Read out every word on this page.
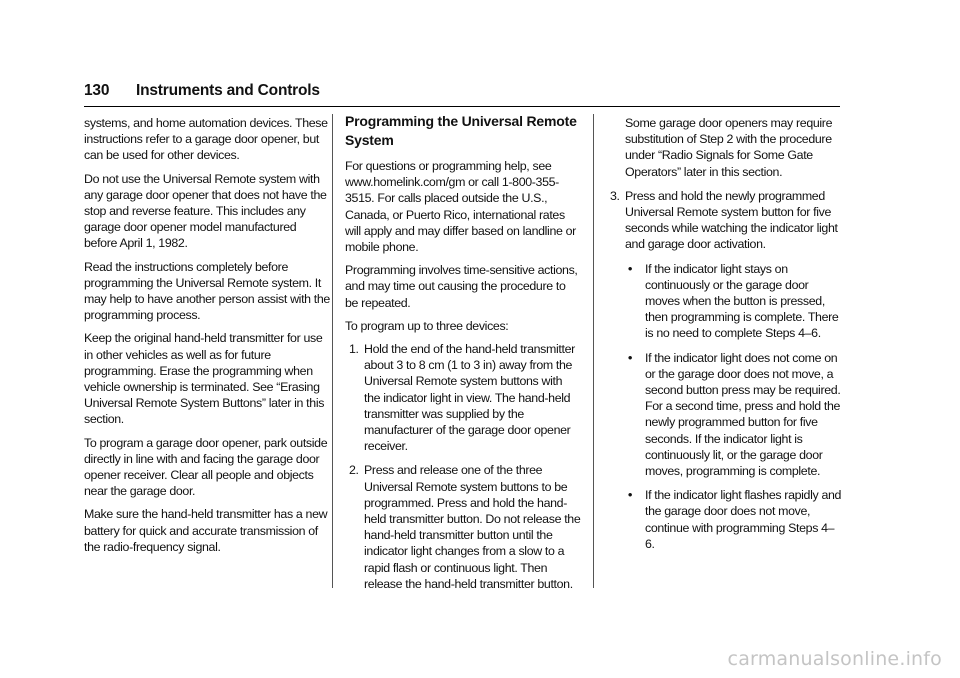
130 Instruments and Controls

systems, and home automation devices. These instructions refer to a garage door opener, but can be used for other devices.

Do not use the Universal Remote system with any garage door opener that does not have the stop and reverse feature. This includes any garage door opener model manufactured before April 1, 1982.

Read the instructions completely before programming the Universal Remote system. It may help to have another person assist with the programming process.

Keep the original hand-held transmitter for use in other vehicles as well as for future programming. Erase the programming when vehicle ownership is terminated. See “Erasing Universal Remote System Buttons” later in this section.

To program a garage door opener, park outside directly in line with and facing the garage door opener receiver. Clear all people and objects near the garage door.

Make sure the hand-held transmitter has a new battery for quick and accurate transmission of the radio-frequency signal.

Programming the Universal Remote System

For questions or programming help, see www.homelink.com/gm or call 1-800-355-3515. For calls placed outside the U.S., Canada, or Puerto Rico, international rates will apply and may differ based on landline or mobile phone.

Programming involves time-sensitive actions, and may time out causing the procedure to be repeated.

To program up to three devices:

1. Hold the end of the hand-held transmitter about 3 to 8 cm (1 to 3 in) away from the Universal Remote system buttons with the indicator light in view. The hand-held transmitter was supplied by the manufacturer of the garage door opener receiver.
2. Press and release one of the three Universal Remote system buttons to be programmed. Press and hold the hand-held transmitter button. Do not release the hand-held transmitter button until the indicator light changes from a slow to a rapid flash or continuous light. Then release the hand-held transmitter button.

Some garage door openers may require substitution of Step 2 with the procedure under “Radio Signals for Some Gate Operators” later in this section.

3. Press and hold the newly programmed Universal Remote system button for five seconds while watching the indicator light and garage door activation.
• If the indicator light stays on continuously or the garage door moves when the button is pressed, then programming is complete. There is no need to complete Steps 4–6.
• If the indicator light does not come on or the garage door does not move, a second button press may be required. For a second time, press and hold the newly programmed button for five seconds. If the indicator light is continuously lit, or the garage door moves, programming is complete.
• If the indicator light flashes rapidly and the garage door does not move, continue with programming Steps 4–6.
carmanualsonline.info
